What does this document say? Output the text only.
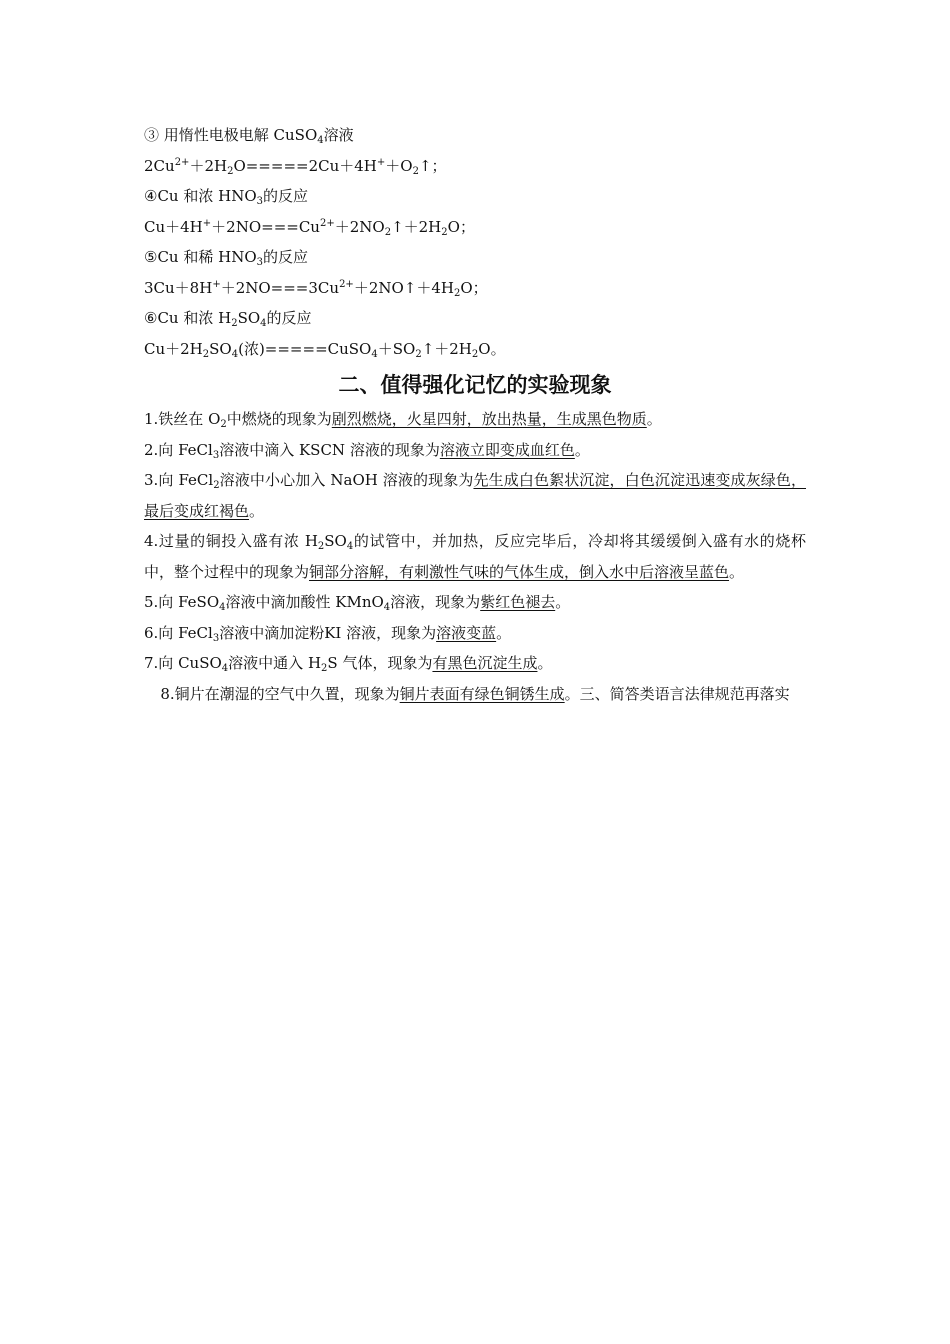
③ 用惰性电极电解 CuSO$_4$溶液
$2Cu^{2+}+2H_2O=====2Cu+4H^++O_2↑$；
④Cu 和浓 $HNO_3$的反应
$Cu+4H^++2NO===Cu^{2+}+2NO_2↑+2H_2O$；
⑤Cu 和稀 $HNO_3$的反应
$3Cu+8H^++2NO===3Cu^{2+}+2NO↑+4H_2O$；
⑥Cu 和浓 $H_2SO_4$的反应
$Cu+2H_2SO_4$(浓)$=====CuSO_4+SO_2↑+2H_2O$。
二、值得强化记忆的实验现象
1.铁丝在 $O_2$中燃烧的现象为剧烈燃烧，火星四射，放出热量，生成黑色物质。
2.向 FeCl$_3$溶液中滴入 KSCN 溶液的现象为溶液立即变成血红色。
3.向 FeCl$_2$溶液中小心加入 NaOH 溶液的现象为先生成白色絮状沉淀，白色沉淀迅速变成灰绿色，最后变成红褐色。
4.过量的铜投入盛有浓 $H_2SO_4$的试管中，并加热，反应完毕后，冷却将其缓缓倒入盛有水的烧杯中，整个过程中的现象为铜部分溶解，有刺激性气味的气体生成，倒入水中后溶液呈蓝色。
5.向 FeSO$_4$溶液中滴加酸性 KMnO$_4$溶液，现象为紫红色褪去。
6.向 FeCl$_3$溶液中滴加淀粉KI 溶液，现象为溶液变蓝。
7.向 CuSO$_4$溶液中通入 $H_2S$ 气体，现象为有黑色沉淀生成。
8.铜片在潮湿的空气中久置，现象为铜片表面有绿色铜锈生成。三、简答类语言法律规范再落实
